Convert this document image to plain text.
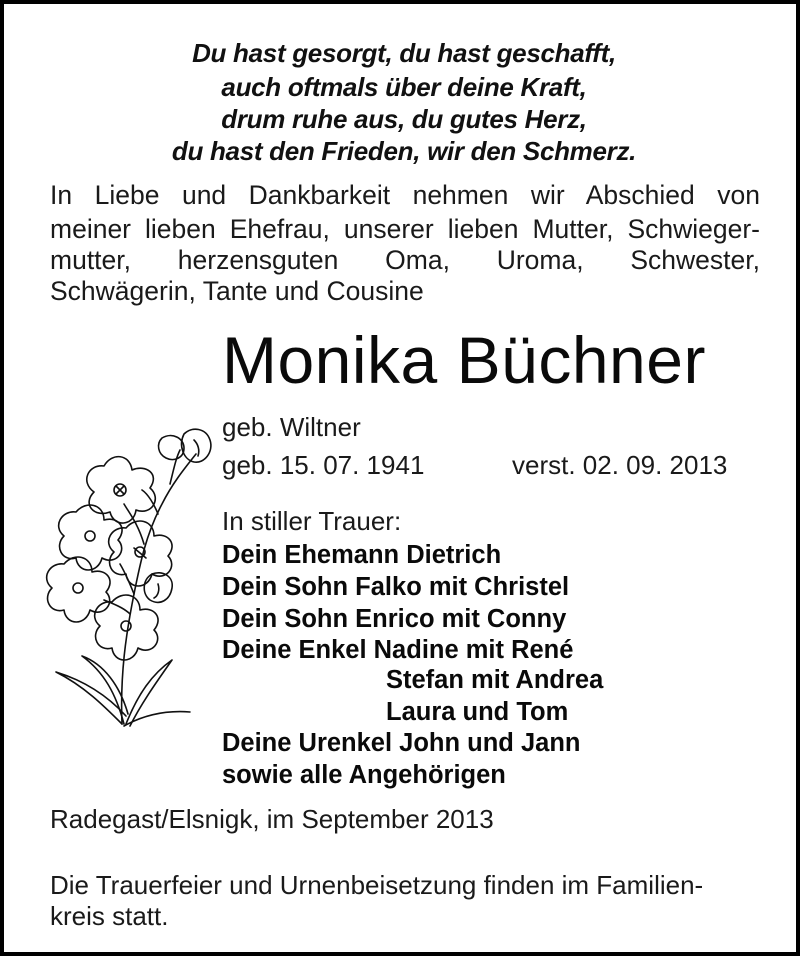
Du hast gesorgt, du hast geschafft,
auch oftmals über deine Kraft,
drum ruhe aus, du gutes Herz,
du hast den Frieden, wir den Schmerz.
In Liebe und Dankbarkeit nehmen wir Abschied von
meiner lieben Ehefrau, unserer lieben Mutter, Schwieger-
mutter, herzensguten Oma, Uroma, Schwester,
Schwägerin, Tante und Cousine
Monika Büchner
geb. Wiltner
geb. 15. 07. 1941	verst. 02. 09. 2013
In stiller Trauer:
Dein Ehemann Dietrich
Dein Sohn Falko mit Christel
Dein Sohn Enrico mit Conny
Deine Enkel Nadine mit René
Stefan mit Andrea
Laura und Tom
Deine Urenkel John und Jann
sowie alle Angehörigen
Radegast/Elsnigk, im September 2013
Die Trauerfeier und Urnenbeisetzung finden im Familien-
kreis statt.
